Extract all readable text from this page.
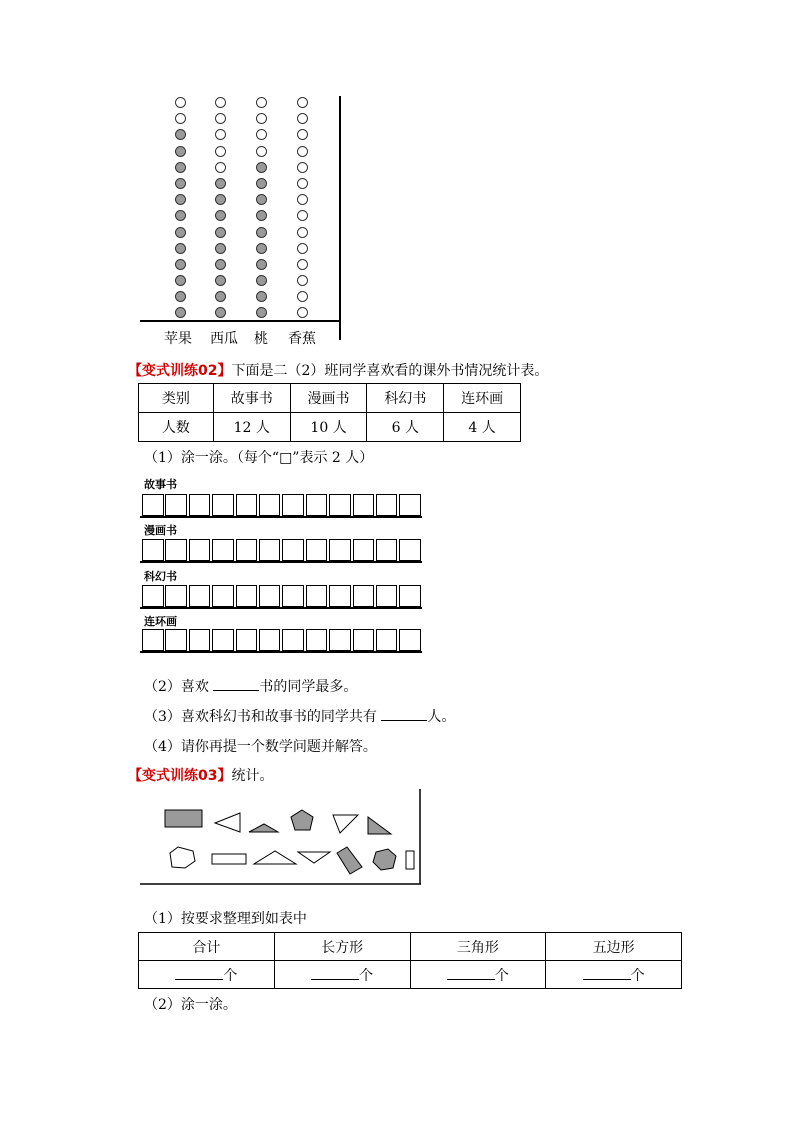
苹果 西瓜 桃 香蕉
【变式训练02】下面是二（2）班同学喜欢看的课外书情况统计表。
类别	故事书	漫画书	科幻书	连环画
人数	12 人	10 人	6 人	4 人
（1）涂一涂。（每个“□”表示 2 人）
故事书
漫画书
科幻书
连环画
（2）喜欢	书的同学最多。
（3）喜欢科幻书和故事书的同学共有	人。
（4）请你再提一个数学问题并解答。
【变式训练03】统计。
（1）按要求整理到如表中
合计	长方形	三角形	五边形
个	个	个	个
（2）涂一涂。
